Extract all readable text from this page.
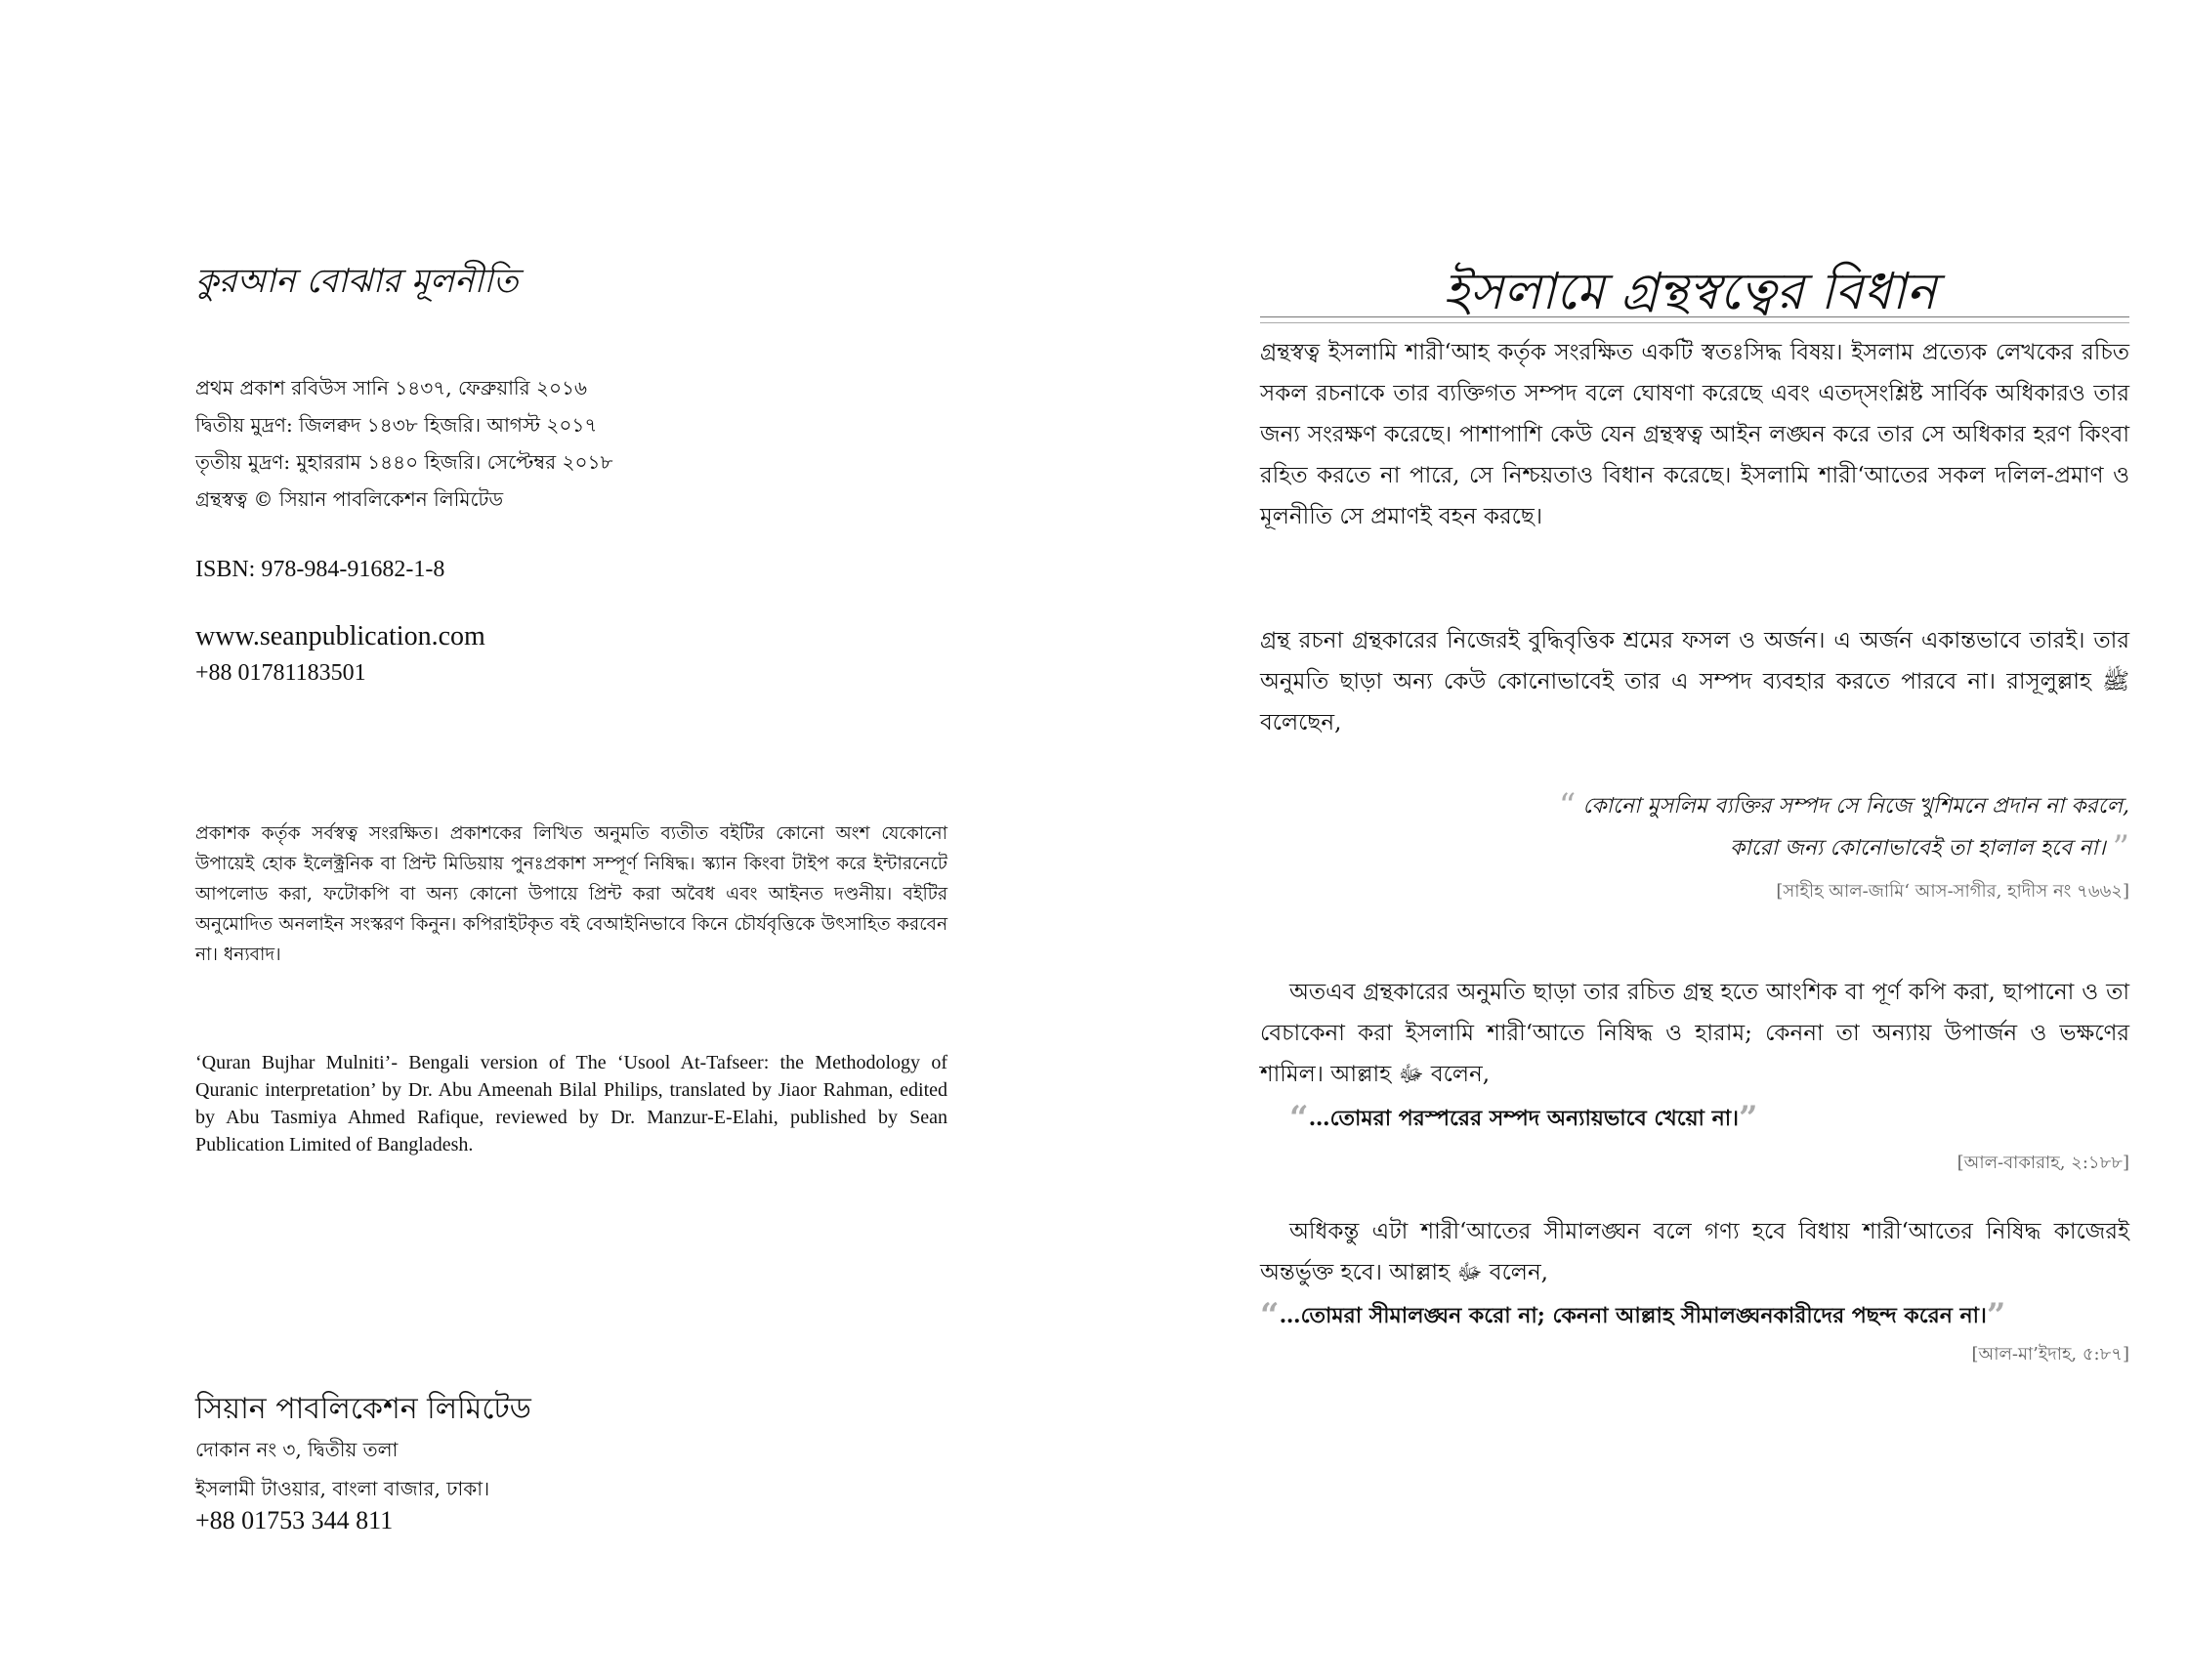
কুরআন বোঝার মূলনীতি
প্রথম প্রকাশ রবিউস সানি ১৪৩৭, ফেব্রুয়ারি ২০১৬
দ্বিতীয় মুদ্রণ: জিলক্বদ ১৪৩৮ হিজরি। আগস্ট ২০১৭
তৃতীয় মুদ্রণ: মুহাররাম ১৪৪০ হিজরি। সেপ্টেম্বর ২০১৮
গ্রন্থস্বত্ব © সিয়ান পাবলিকেশন লিমিটেড
ISBN: 978-984-91682-1-8
www.seanpublication.com
+88 01781183501
প্রকাশক কর্তৃক সর্বস্বত্ব সংরক্ষিত। প্রকাশকের লিখিত অনুমতি ব্যতীত বইটির কোনো অংশ যেকোনো উপায়েই হোক ইলেক্ট্রনিক বা প্রিন্ট মিডিয়ায় পুনঃপ্রকাশ সম্পূর্ণ নিষিদ্ধ। স্ক্যান কিংবা টাইপ করে ইন্টারনেটে আপলোড করা, ফটোকপি বা অন্য কোনো উপায়ে প্রিন্ট করা অবৈধ এবং আইনত দণ্ডনীয়। বইটির অনুমোদিত অনলাইন সংস্করণ কিনুন। কপিরাইটকৃত বই বেআইনিভাবে কিনে চৌর্যবৃত্তিকে উৎসাহিত করবেন না। ধন্যবাদ।
‘Quran Bujhar Mulniti’- Bengali version of The ‘Usool At-Tafseer: the Methodology of Quranic interpretation’ by Dr. Abu Ameenah Bilal Philips, translated by Jiaor Rahman, edited by Abu Tasmiya Ahmed Rafique, reviewed by Dr. Manzur-E-Elahi, published by Sean Publication Limited of Bangladesh.
সিয়ান পাবলিকেশন লিমিটেড
দোকান নং ৩, দ্বিতীয় তলা
ইসলামী টাওয়ার, বাংলা বাজার, ঢাকা।
+88 01753 344 811
ইসলামে গ্রন্থস্বত্বের বিধান
গ্রন্থস্বত্ব ইসলামি শারী‘আহ কর্তৃক সংরক্ষিত একটি স্বতঃসিদ্ধ বিষয়। ইসলাম প্রত্যেক লেখকের রচিত সকল রচনাকে তার ব্যক্তিগত সম্পদ বলে ঘোষণা করেছে এবং এতদ্‌সংশ্লিষ্ট সার্বিক অধিকারও তার জন্য সংরক্ষণ করেছে। পাশাপাশি কেউ যেন গ্রন্থস্বত্ব আইন লঙ্ঘন করে তার সে অধিকার হরণ কিংবা রহিত করতে না পারে, সে নিশ্চয়তাও বিধান করেছে। ইসলামি শারী‘আতের সকল দলিল-প্রমাণ ও মূলনীতি সে প্রমাণই বহন করছে।
গ্রন্থ রচনা গ্রন্থকারের নিজেরই বুদ্ধিবৃত্তিক শ্রমের ফসল ও অর্জন। এ অর্জন একান্তভাবে তারই। তার অনুমতি ছাড়া অন্য কেউ কোনোভাবেই তার এ সম্পদ ব্যবহার করতে পারবে না। রাসূলুল্লাহ ﷺ বলেছেন,
“ কোনো মুসলিম ব্যক্তির সম্পদ সে নিজে খুশিমনে প্রদান না করলে, কারো জন্য কোনোভাবেই তা হালাল হবে না। ”
[সাহীহ আল-জামি‘ আস-সাগীর, হাদীস নং ৭৬৬২]
অতএব গ্রন্থকারের অনুমতি ছাড়া তার রচিত গ্রন্থ হতে আংশিক বা পূর্ণ কপি করা, ছাপানো ও তা বেচাকেনা করা ইসলামি শারী‘আতে নিষিদ্ধ ও হারাম; কেননা তা অন্যায় উপার্জন ও ভক্ষণের শামিল। আল্লাহ ﷻ বলেন,
“…তোমরা পরস্পরের সম্পদ অন্যায়ভাবে খেয়ো না।”
[আল-বাকারাহ, ২:১৮৮]
অধিকন্তু এটা শারী‘আতের সীমালঙ্ঘন বলে গণ্য হবে বিধায় শারী‘আতের নিষিদ্ধ কাজেরই অন্তর্ভুক্ত হবে। আল্লাহ ﷻ বলেন,
“…তোমরা সীমালঙ্ঘন করো না; কেননা আল্লাহ সীমালঙ্ঘনকারীদের পছন্দ করেন না।”
[আল-মা’ইদাহ, ৫:৮৭]
